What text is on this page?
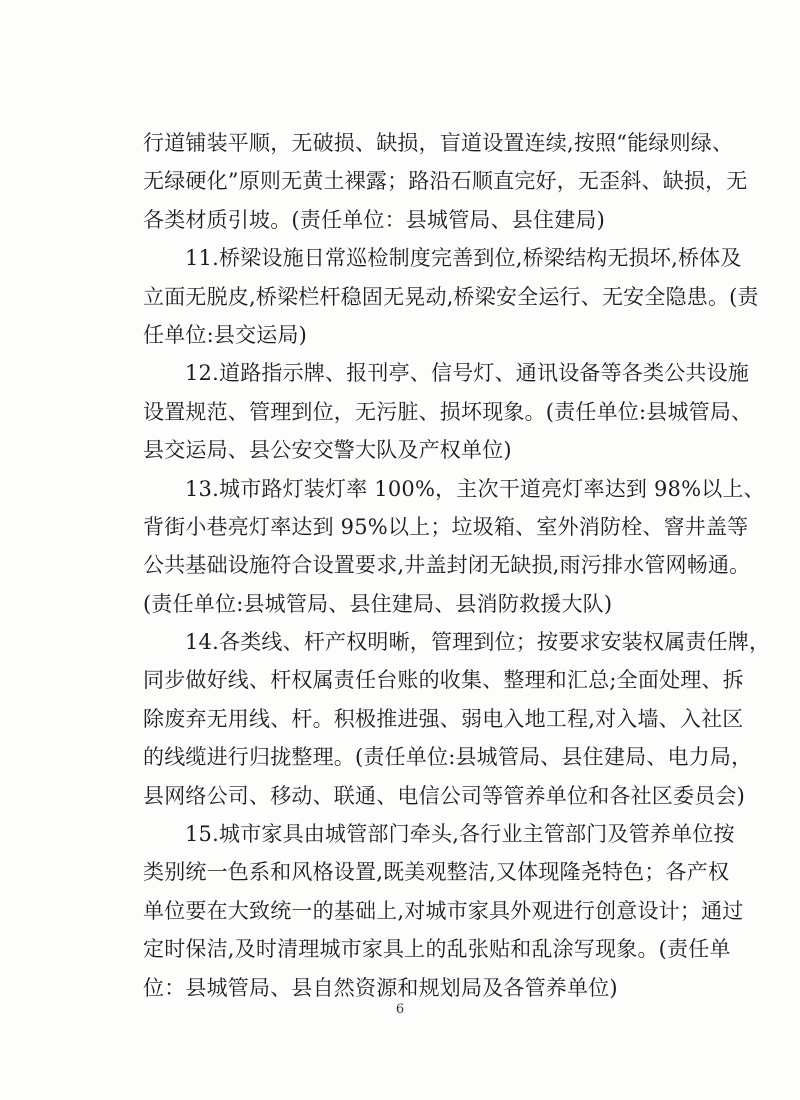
行道铺装平顺，无破损、缺损，盲道设置连续,按照“能绿则绿、
无绿硬化”原则无黄土裸露；路沿石顺直完好，无歪斜、缺损，无
各类材质引坡。(责任单位：县城管局、县住建局)
11.桥梁设施日常巡检制度完善到位,桥梁结构无损坏,桥体及
立面无脱皮,桥梁栏杆稳固无晃动,桥梁安全运行、无安全隐患。(责
任单位:县交运局)
12.道路指示牌、报刊亭、信号灯、通讯设备等各类公共设施
设置规范、管理到位，无污脏、损坏现象。(责任单位:县城管局、
县交运局、县公安交警大队及产权单位)
13.城市路灯装灯率 100%，主次干道亮灯率达到 98%以上、
背街小巷亮灯率达到 95%以上；垃圾箱、室外消防栓、窨井盖等
公共基础设施符合设置要求,井盖封闭无缺损,雨污排水管网畅通。
(责任单位:县城管局、县住建局、县消防救援大队)
14.各类线、杆产权明晰，管理到位；按要求安装权属责任牌，
同步做好线、杆权属责任台账的收集、整理和汇总;全面处理、拆
除废弃无用线、杆。积极推进强、弱电入地工程,对入墙、入社区
的线缆进行归拢整理。(责任单位:县城管局、县住建局、电力局，
县网络公司、移动、联通、电信公司等管养单位和各社区委员会)
15.城市家具由城管部门牵头,各行业主管部门及管养单位按
类别统一色系和风格设置,既美观整洁,又体现隆尧特色；各产权
单位要在大致统一的基础上,对城市家具外观进行创意设计；通过
定时保洁,及时清理城市家具上的乱张贴和乱涂写现象。(责任单
位：县城管局、县自然资源和规划局及各管养单位)
6
